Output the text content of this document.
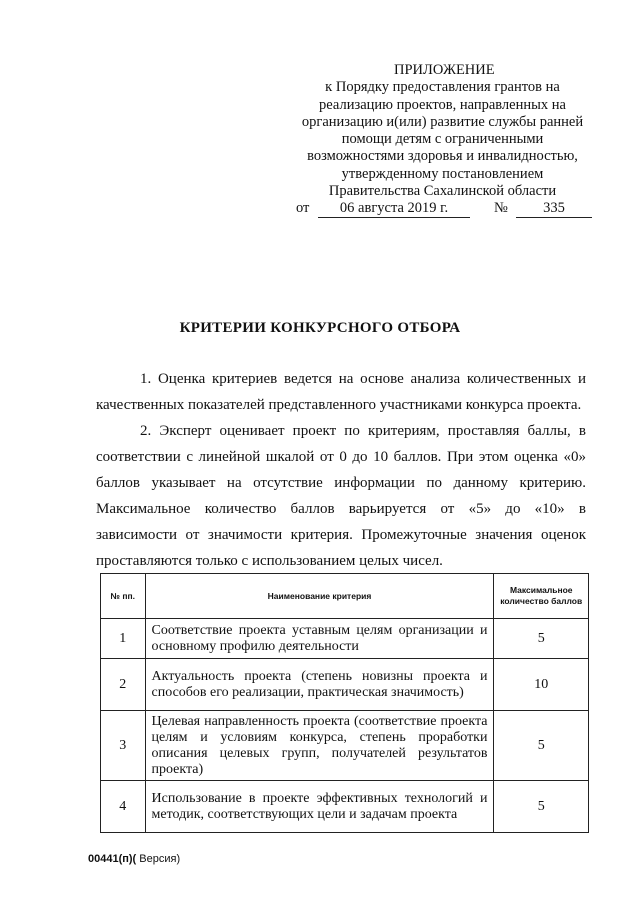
ПРИЛОЖЕНИЕ
к Порядку предоставления грантов на
реализацию проектов, направленных на
организацию и(или) развитие службы ранней
помощи детям с ограниченными
возможностями здоровья и инвалидностью,
утвержденному постановлением
Правительства Сахалинской области
от	06 августа 2019 г.	№	335
КРИТЕРИИ КОНКУРСНОГО ОТБОРА

1. Оценка критериев ведется на основе анализа количественных и качественных показателей представленного участниками конкурса проекта.

2. Эксперт оценивает проект по критериям, проставляя баллы, в соответствии с линейной шкалой от 0 до 10 баллов. При этом оценка «0» баллов указывает на отсутствие информации по данному критерию. Максимальное количество баллов варьируется от «5» до «10» в зависимости от значимости критерия. Промежуточные значения оценок проставляются только с использованием целых чисел.

№ пп.	Наименование критерия	Максимальное количество баллов
1	Соответствие проекта уставным целям организации и основному профилю деятельности	5
2	Актуальность проекта (степень новизны проекта и способов его реализации, практическая значимость)	10
3	Целевая направленность проекта (соответствие проекта целям и условиям конкурса, степень проработки описания целевых групп, получателей результатов проекта)	5
4	Использование в проекте эффективных технологий и методик, соответствующих цели и задачам проекта	5
00441(п)( Версия)
